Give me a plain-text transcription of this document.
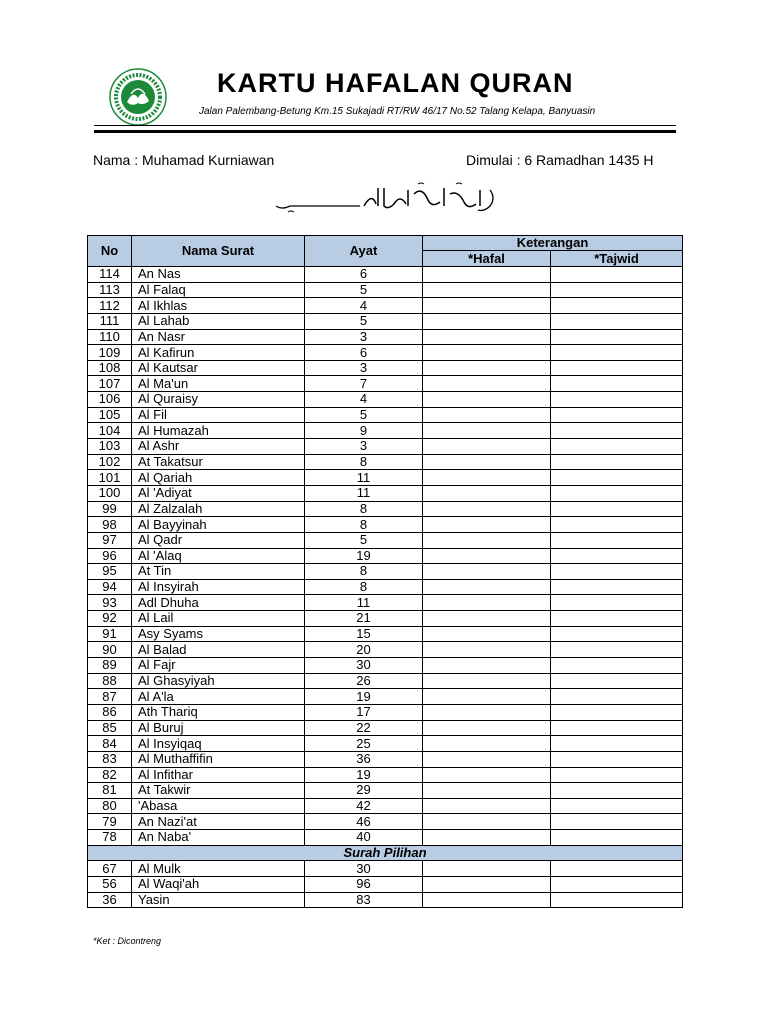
KARTU HAFALAN QURAN
Jalan Palembang-Betung Km.15 Sukajadi RT/RW 46/17 No.52 Talang Kelapa, Banyuasin
Nama : Muhamad Kurniawan	Dimulai : 6 Ramadhan 1435 H
No	Nama Surat	Ayat	Keterangan	
			*Hafal	*Tajwid
114	An Nas	6		
113	Al Falaq	5		
112	Al Ikhlas	4		
111	Al Lahab	5		
110	An Nasr	3		
109	Al Kafirun	6		
108	Al Kautsar	3		
107	Al Ma'un	7		
106	Al Quraisy	4		
105	Al Fil	5		
104	Al Humazah	9		
103	Al Ashr	3		
102	At Takatsur	8		
101	Al Qariah	11		
100	Al 'Adiyat	11		
99	Al Zalzalah	8		
98	Al Bayyinah	8		
97	Al Qadr	5		
96	Al 'Alaq	19		
95	At Tin	8		
94	Al Insyirah	8		
93	Adl Dhuha	11		
92	Al Lail	21		
91	Asy Syams	15		
90	Al Balad	20		
89	Al Fajr	30		
88	Al Ghasyiyah	26		
87	Al A'la	19		
86	Ath Thariq	17		
85	Al Buruj	22		
84	Al Insyiqaq	25		
83	Al Muthaffifin	36		
82	Al Infithar	19		
81	At Takwir	29		
80	'Abasa	42		
79	An Nazi'at	46		
78	An Naba'	40		
Surah Pilihan				
67	Al Mulk	30		
56	Al Waqi'ah	96		
36	Yasin	83		
*Ket : Dicontreng
